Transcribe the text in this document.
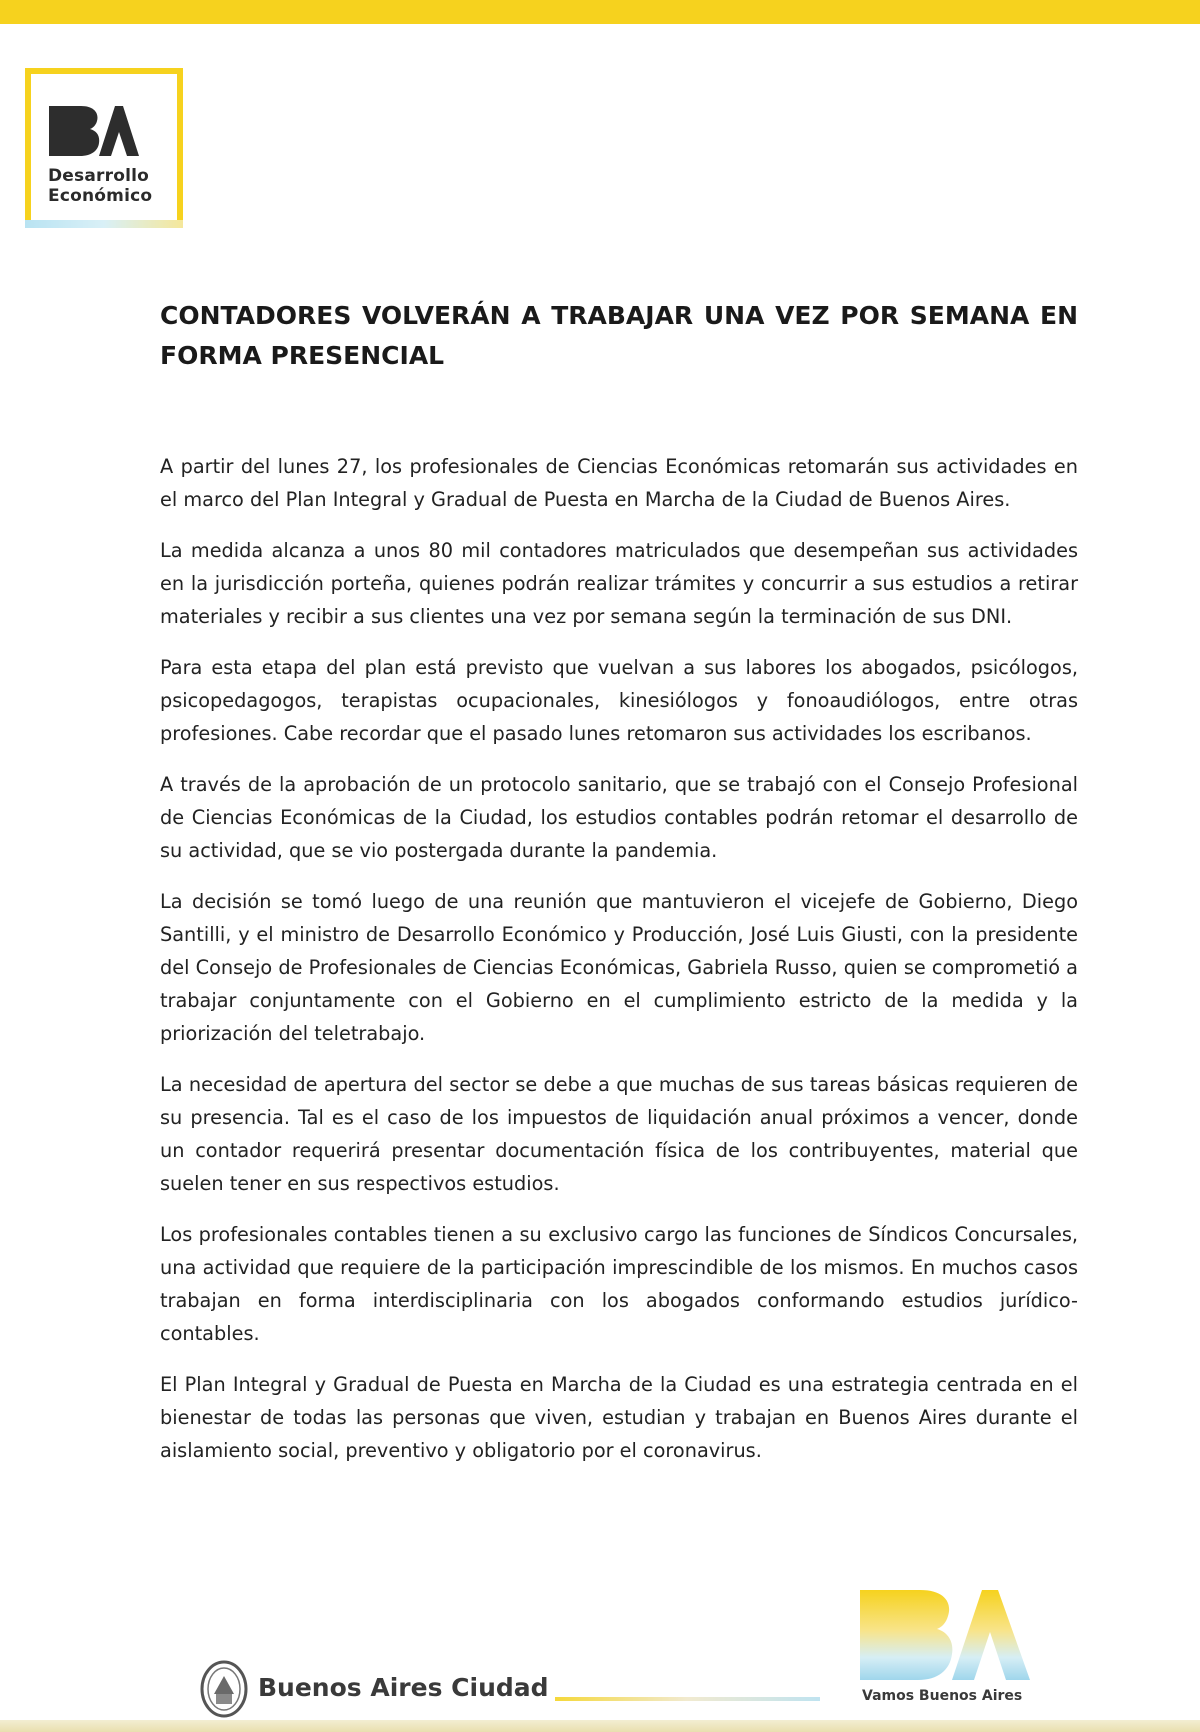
Desarrollo
Económico
CONTADORES VOLVERÁN A TRABAJAR UNA VEZ POR SEMANA EN FORMA PRESENCIAL

A partir del lunes 27, los profesionales de Ciencias Económicas retomarán sus actividades en el marco del Plan Integral y Gradual de Puesta en Marcha de la Ciudad de Buenos Aires.

La medida alcanza a unos 80 mil contadores matriculados que desempeñan sus actividades en la jurisdicción porteña, quienes podrán realizar trámites y concurrir a sus estudios a retirar materiales y recibir a sus clientes una vez por semana según la terminación de sus DNI.

Para esta etapa del plan está previsto que vuelvan a sus labores los abogados, psicólogos, psicopedagogos, terapistas ocupacionales, kinesiólogos y fonoaudiólogos, entre otras profesiones. Cabe recordar que el pasado lunes retomaron sus actividades los escribanos.

A través de la aprobación de un protocolo sanitario, que se trabajó con el Consejo Profesional de Ciencias Económicas de la Ciudad, los estudios contables podrán retomar el desarrollo de su actividad, que se vio postergada durante la pandemia.

La decisión se tomó luego de una reunión que mantuvieron el vicejefe de Gobierno, Diego Santilli, y el ministro de Desarrollo Económico y Producción, José Luis Giusti, con la presidente del Consejo de Profesionales de Ciencias Económicas, Gabriela Russo, quien se comprometió a trabajar conjuntamente con el Gobierno en el cumplimiento estricto de la medida y la priorización del teletrabajo.

La necesidad de apertura del sector se debe a que muchas de sus tareas básicas requieren de su presencia. Tal es el caso de los impuestos de liquidación anual próximos a vencer, donde un contador requerirá presentar documentación física de los contribuyentes, material que suelen tener en sus respectivos estudios.

Los profesionales contables tienen a su exclusivo cargo las funciones de Síndicos Concursales, una actividad que requiere de la participación imprescindible de los mismos. En muchos casos trabajan en forma interdisciplinaria con los abogados conformando estudios jurídico-contables.

El Plan Integral y Gradual de Puesta en Marcha de la Ciudad es una estrategia centrada en el bienestar de todas las personas que viven, estudian y trabajan en Buenos Aires durante el aislamiento social, preventivo y obligatorio por el coronavirus.

Buenos Aires Ciudad	Vamos Buenos Aires
